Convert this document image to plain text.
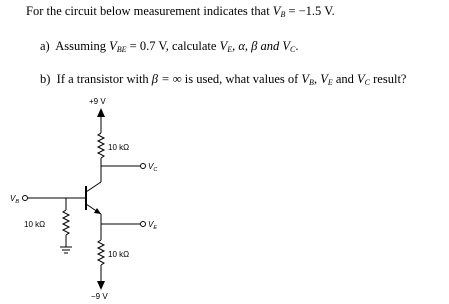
For the circuit below measurement indicates that $V_B = -1.5$ V.
a) Assuming $V_{BE} = 0.7$ V, calculate $V_E$, α, β and $V_C$.
b) If a transistor with β = ∞ is used, what values of $V_B$, $V_E$ and $V_C$ result?
+9 V
−9 V
10 kΩ
10 kΩ
10 kΩ
$V_C$
$V_E$
$V_B$
